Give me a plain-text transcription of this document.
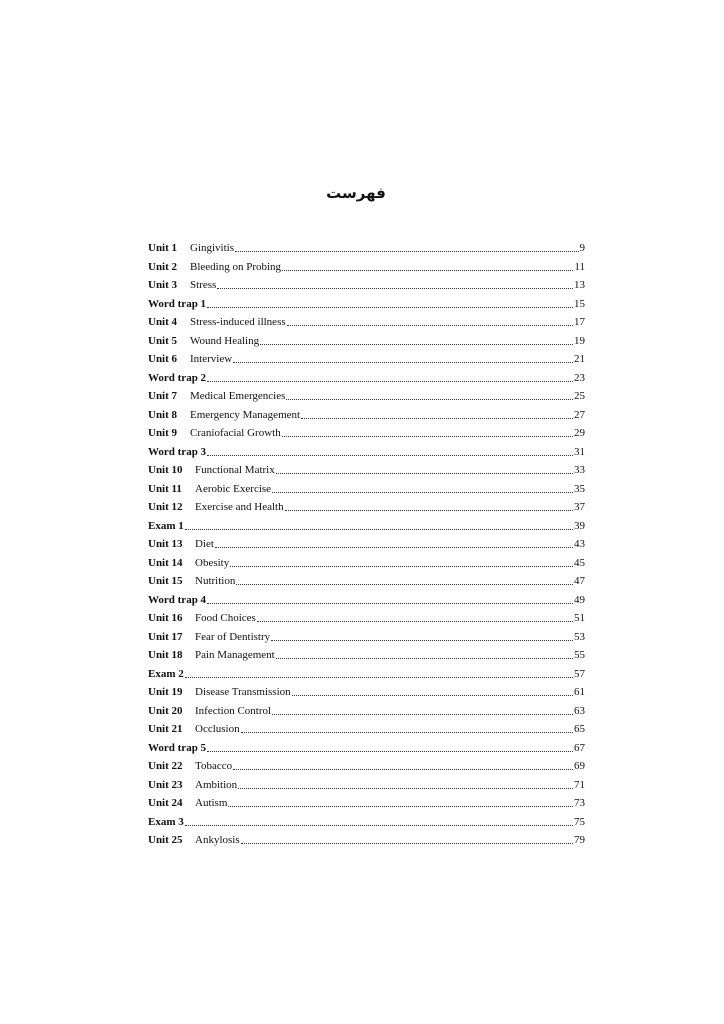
فهرست
Unit 1	Gingivitis	9
Unit 2	Bleeding on Probing	11
Unit 3	Stress	13
Word trap 1	15
Unit 4	Stress-induced illness	17
Unit 5	Wound Healing	19
Unit 6	Interview	21
Word trap 2	23
Unit 7	Medical Emergencies	25
Unit 8	Emergency Management	27
Unit 9	Craniofacial Growth	29
Word trap 3	31
Unit 10	Functional Matrix	33
Unit 11	Aerobic Exercise	35
Unit 12	Exercise and Health	37
Exam 1	39
Unit 13	Diet	43
Unit 14	Obesity	45
Unit 15	Nutrition	47
Word trap 4	49
Unit 16	Food Choices	51
Unit 17	Fear of Dentistry	53
Unit 18	Pain Management	55
Exam 2	57
Unit 19	Disease Transmission	61
Unit 20	Infection Control	63
Unit 21	Occlusion	65
Word trap 5	67
Unit 22	Tobacco	69
Unit 23	Ambition	71
Unit 24	Autism	73
Exam 3	75
Unit 25	Ankylosis	79
